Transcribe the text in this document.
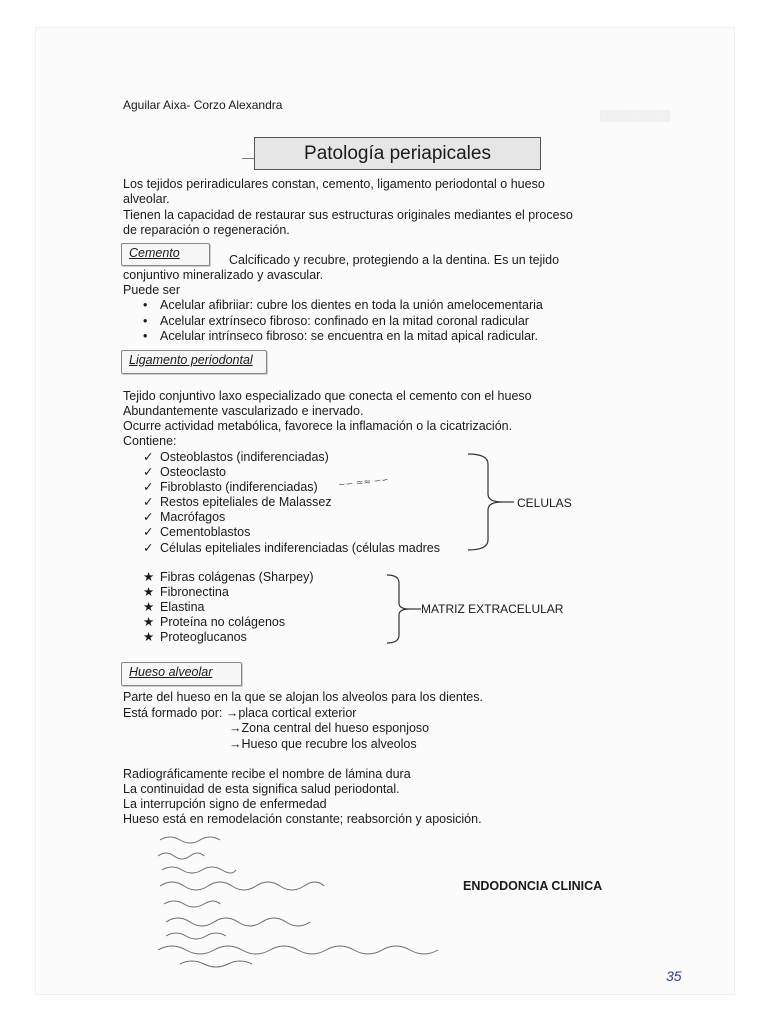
▒▒▒▒▒▒▒▒▒
Aguilar Aixa- Corzo Alexandra
Patología periapicales
Los tejidos periradiculares constan, cemento, ligamento periodontal o hueso
alveolar.
Tienen la capacidad de restaurar sus estructuras originales mediantes el proceso
de reparación o regeneración.
Cemento	Calcificado y recubre, protegiendo a la dentina. Es un tejido
conjuntivo mineralizado y avascular.
Puede ser
• Acelular afibriiar: cubre los dientes en toda la unión amelocementaria
• Acelular extrínseco fibroso: confinado en la mitad coronal radicular
• Acelular intrínseco fibroso: se encuentra en la mitad apical radicular.
Ligamento periodontal
Tejido conjuntivo laxo especializado que conecta el cemento con el hueso
Abundantemente vascularizado e inervado.
Ocurre actividad metabólica, favorece la inflamación o la cicatrización.
Contiene:
✓ Osteoblastos (indiferenciadas)
✓ Osteoclasto
✓ Fibroblasto (indiferenciadas)
✓ Restos epiteliales de Malassez
✓ Macrófagos
✓ Cementoblastos
✓ Células epiteliales indiferenciadas (células madres
CELULAS
~∽ ≈≈ ∽∽
★ Fibras colágenas (Sharpey)
★ Fibronectina
★ Elastina
★ Proteína no colágenos
★ Proteoglucanos
MATRIZ EXTRACELULAR
Hueso alveolar
Parte del hueso en la que se alojan los alveolos para los dientes.
Está formado por: →placa cortical exterior
→Zona central del hueso esponjoso
→Hueso que recubre los alveolos
Radiográficamente recibe el nombre de lámina dura
La continuidad de esta significa salud periodontal.
La interrupción signo de enfermedad
Hueso está en remodelación constante; reabsorción y aposición.
ENDODONCIA CLINICA
35
